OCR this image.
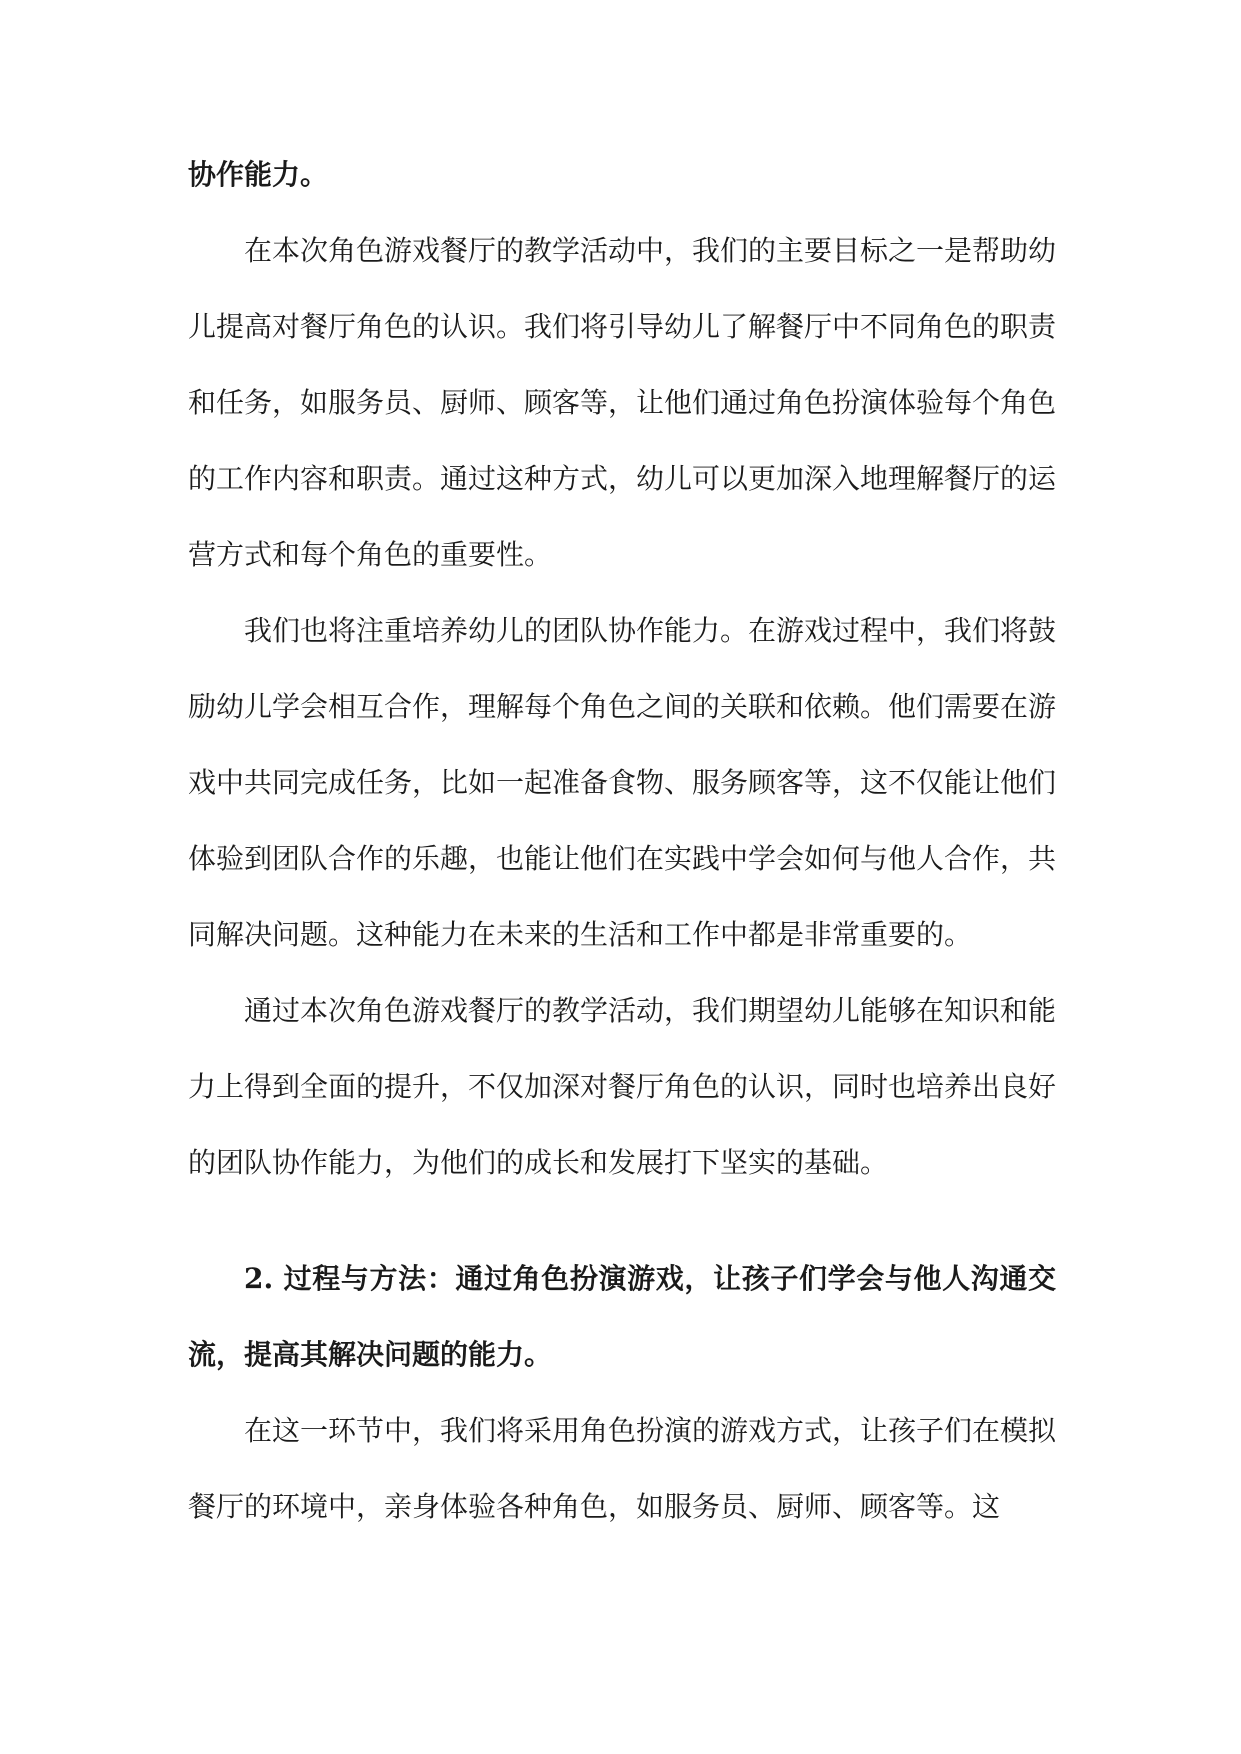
协作能力。

在本次角色游戏餐厅的教学活动中，我们的主要目标之一是帮助幼儿提高对餐厅角色的认识。我们将引导幼儿了解餐厅中不同角色的职责和任务，如服务员、厨师、顾客等，让他们通过角色扮演体验每个角色的工作内容和职责。通过这种方式，幼儿可以更加深入地理解餐厅的运营方式和每个角色的重要性。

我们也将注重培养幼儿的团队协作能力。在游戏过程中，我们将鼓励幼儿学会相互合作，理解每个角色之间的关联和依赖。他们需要在游戏中共同完成任务，比如一起准备食物、服务顾客等，这不仅能让他们体验到团队合作的乐趣，也能让他们在实践中学会如何与他人合作，共同解决问题。这种能力在未来的生活和工作中都是非常重要的。

通过本次角色游戏餐厅的教学活动，我们期望幼儿能够在知识和能力上得到全面的提升，不仅加深对餐厅角色的认识，同时也培养出良好的团队协作能力，为他们的成长和发展打下坚实的基础。

2. 过程与方法：通过角色扮演游戏，让孩子们学会与他人沟通交流，提高其解决问题的能力。

在这一环节中，我们将采用角色扮演的游戏方式，让孩子们在模拟餐厅的环境中，亲身体验各种角色，如服务员、厨师、顾客等。这
